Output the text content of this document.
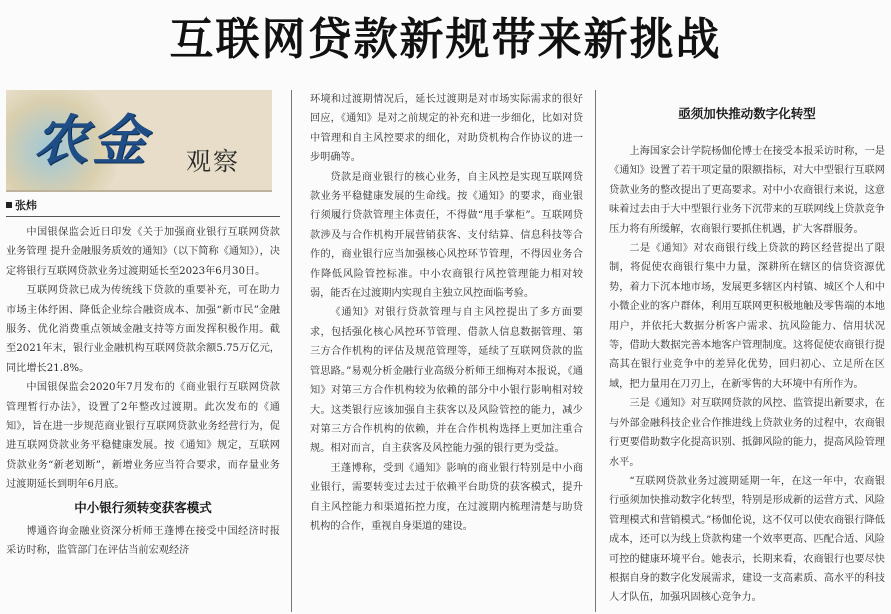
互联网贷款新规带来新挑战
农金 观察
张炜

中国银保监会近日印发《关于加强商业银行互联网贷款业务管理 提升金融服务质效的通知》（以下简称《通知》），决定将银行互联网贷款业务过渡期延长至2023年6月30日。

互联网贷款已成为传统线下贷款的重要补充，可在助力市场主体纾困、降低企业综合融资成本、加强“新市民”金融服务、优化消费重点领域金融支持等方面发挥积极作用。截至2021年末，银行业金融机构互联网贷款余额5.75万亿元，同比增长21.8%。

中国银保监会2020年7月发布的《商业银行互联网贷款管理暂行办法》，设置了2年整改过渡期。此次发布的《通知》，旨在进一步规范商业银行互联网贷款业务经营行为，促进互联网贷款业务平稳健康发展。按《通知》规定，互联网贷款业务“新老划断”，新增业务应当符合要求，而存量业务过渡期延长到明年6月底。

中小银行须转变获客模式

博通咨询金融业资深分析师王蓬博在接受中国经济时报采访时称，监管部门在评估当前宏观经济

环境和过渡期情况后，延长过渡期是对市场实际需求的很好回应，《通知》是对之前规定的补充和进一步细化，比如对贷中管理和自主风控要求的细化，对助贷机构合作协议的进一步明确等。

贷款是商业银行的核心业务，自主风控是实现互联网贷款业务平稳健康发展的生命线。按《通知》的要求，商业银行须履行贷款管理主体责任，不得做“甩手掌柜”。互联网贷款涉及与合作机构开展营销获客、支付结算、信息科技等合作的，商业银行应当加强核心风控环节管理，不得因业务合作降低风险管控标准。中小农商银行风控管理能力相对较弱，能否在过渡期内实现自主独立风控面临考验。

《通知》对银行贷款管理与自主风控提出了多方面要求，包括强化核心风控环节管理、借款人信息数据管理、第三方合作机构的评估及规范管理等，延续了互联网贷款的监管思路。”易观分析金融行业高级分析师王细梅对本报说，《通知》对第三方合作机构较为依赖的部分中小银行影响相对较大。这类银行应该加强自主获客以及风险管控的能力，减少对第三方合作机构的依赖，并在合作机构选择上更加注重合规。相对而言，自主获客及风控能力强的银行更为受益。

王蓬博称，受到《通知》影响的商业银行特别是中小商业银行，需要转变过去过于依赖平台助贷的获客模式，提升自主风控能力和渠道拓控力度，在过渡期内梳理清楚与助贷机构的合作，重视自身渠道的建设。

亟须加快推动数字化转型

上海国家会计学院杨伽伦博士在接受本报采访时称，一是《通知》设置了若干项定量的限额指标，对大中型银行互联网贷款业务的整改提出了更高要求。对中小农商银行来说，这意味着过去由于大中型银行业务下沉带来的互联网线上贷款竞争压力将有所缓解，农商银行要抓住机遇，扩大客群服务。

二是《通知》对农商银行线上贷款的跨区经营提出了限制，将促使农商银行集中力量，深耕所在辖区的信贷资源优势，着力下沉本地市场，发展更多辖区内村镇、城区个人和中小微企业的客户群体，利用互联网更积极地触及零售端的本地用户，并依托大数据分析客户需求、抗风险能力、信用状况等，借助大数据完善本地客户管理制度。这将促使农商银行提高其在银行业竞争中的差异化优势，回归初心、立足所在区域，把力量用在刀刃上，在新零售的大环境中有所作为。

三是《通知》对互联网贷款的风控、监管提出新要求，在与外部金融科技企业合作推进线上贷款业务的过程中，农商银行更要借助数字化提高识别、抵御风险的能力，提高风险管理水平。

“互联网贷款业务过渡期延期一年，在这一年中，农商银行亟须加快推动数字化转型，特别是形成新的运营方式、风险管理模式和营销模式。”杨伽伦说，这不仅可以使农商银行降低成本，还可以为线上贷款构建一个效率更高、匹配合适、风险可控的健康环境平台。她表示，长期来看，农商银行也要尽快根据自身的数字化发展需求，建设一支高素质、高水平的科技人才队伍，加强巩固核心竞争力。
